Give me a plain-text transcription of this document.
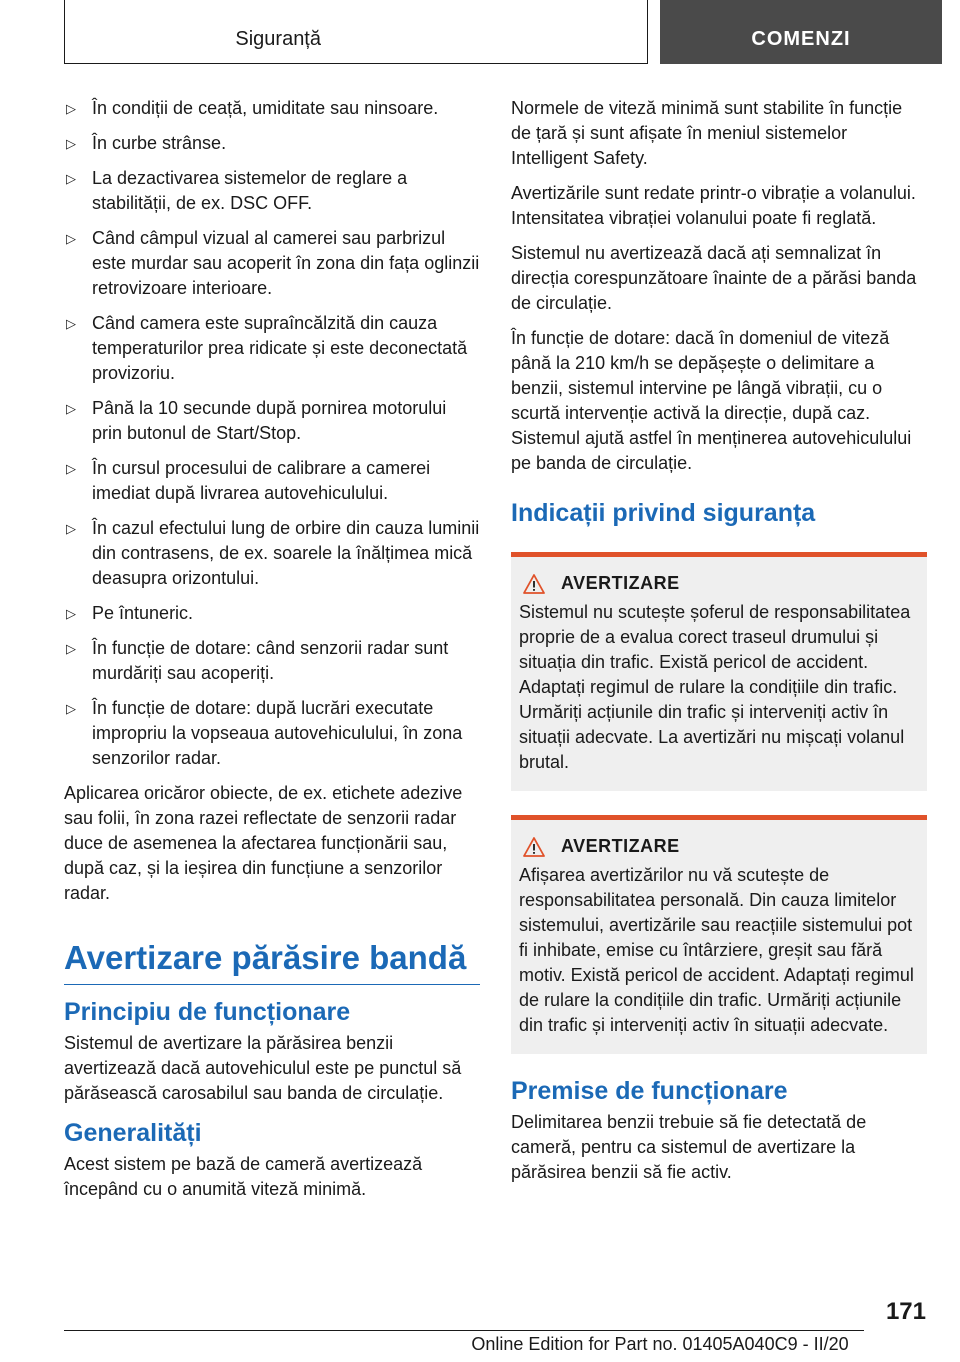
Siguranță	COMENZI
▷ În condiții de ceață, umiditate sau ninsoare.
▷ În curbe strânse.
▷ La dezactivarea sistemelor de reglare a stabilității, de ex. DSC OFF.
▷ Când câmpul vizual al camerei sau parbrizul este murdar sau acoperit în zona din fața oglinzii retrovizoare interioare.
▷ Când camera este supraîncălzită din cauza temperaturilor prea ridicate și este deconectată provizoriu.
▷ Până la 10 secunde după pornirea motorului prin butonul de Start/Stop.
▷ În cursul procesului de calibrare a camerei imediat după livrarea autovehiculului.
▷ În cazul efectului lung de orbire din cauza luminii din contrasens, de ex. soarele la înălțimea mică deasupra orizontului.
▷ Pe întuneric.
▷ În funcție de dotare: când senzorii radar sunt murdăriți sau acoperiți.
▷ În funcție de dotare: după lucrări executate impropriu la vopseaua autovehiculului, în zona senzorilor radar.

Aplicarea oricăror obiecte, de ex. etichete adezive sau folii, în zona razei reflectate de senzorii radar duce de asemenea la afectarea funcționării sau, după caz, și la ieșirea din funcțiune a senzorilor radar.

Avertizare părăsire bandă
Principiu de funcționare

Sistemul de avertizare la părăsirea benzii avertizează dacă autovehiculul este pe punctul să părăsească carosabilul sau banda de circulație.

Generalități

Acest sistem pe bază de cameră avertizează începând cu o anumită viteză minimă.

Normele de viteză minimă sunt stabilite în funcție de țară și sunt afișate în meniul sistemelor Intelligent Safety.

Avertizările sunt redate printr-o vibrație a volanului. Intensitatea vibrației volanului poate fi reglată.

Sistemul nu avertizează dacă ați semnalizat în direcția corespunzătoare înainte de a părăsi banda de circulație.

În funcție de dotare: dacă în domeniul de viteză până la 210 km/h se depășește o delimitare a benzii, sistemul intervine pe lângă vibrații, cu o scurtă intervenție activă la direcție, după caz. Sistemul ajută astfel în menținerea autovehiculului pe banda de circulație.

Indicații privind siguranța
AVERTIZARE
Sistemul nu scutește șoferul de responsabilitatea proprie de a evalua corect traseul drumului și situația din trafic. Există pericol de accident. Adaptați regimul de rulare la condițiile din trafic. Urmăriți acțiunile din trafic și interveniți activ în situații adecvate. La avertizări nu mișcați volanul brutal.
AVERTIZARE
Afișarea avertizărilor nu vă scutește de responsabilitatea personală. Din cauza limitelor sistemului, avertizările sau reacțiile sistemului pot fi inhibate, emise cu întârziere, greșit sau fără motiv. Există pericol de accident. Adaptați regimul de rulare la condițiile din trafic. Urmăriți acțiunile din trafic și interveniți activ în situații adecvate.
Premise de funcționare

Delimitarea benzii trebuie să fie detectată de cameră, pentru ca sistemul de avertizare la părăsirea benzii să fie activ.

171
Online Edition for Part no. 01405A040C9 - II/20
